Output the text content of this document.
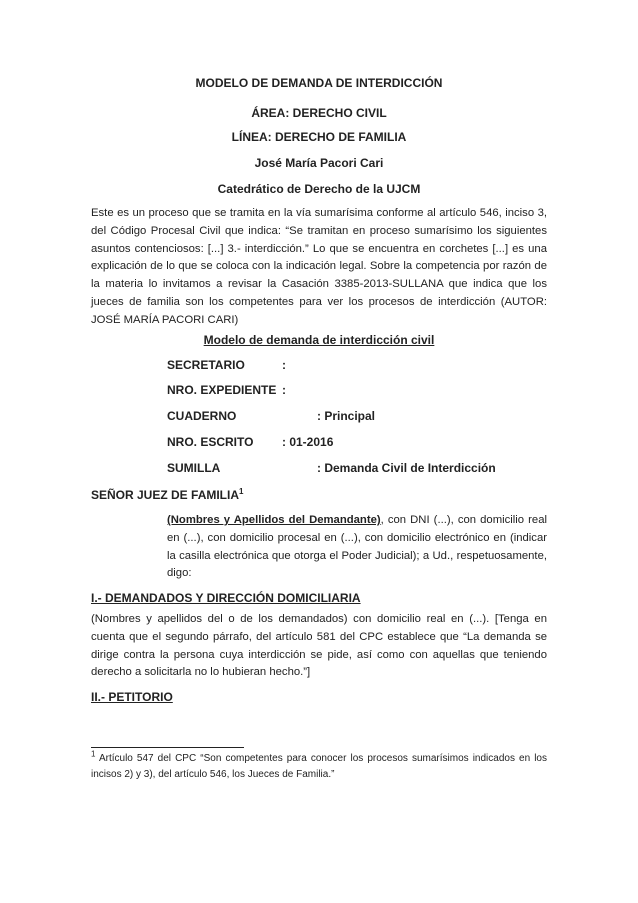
MODELO DE DEMANDA DE INTERDICCIÓN
ÁREA: DERECHO CIVIL
LÍNEA: DERECHO DE FAMILIA
José María Pacori Cari
Catedrático de Derecho de la UJCM
Este es un proceso que se tramita en la vía sumarísima conforme al artículo 546, inciso 3, del Código Procesal Civil que indica: “Se tramitan en proceso sumarísimo los siguientes asuntos contenciosos: [...] 3.- interdicción.” Lo que se encuentra en corchetes [...] es una explicación de lo que se coloca con la indicación legal. Sobre la competencia por razón de la materia lo invitamos a revisar la Casación 3385-2013-SULLANA que indica que los jueces de familia son los competentes para ver los procesos de interdicción (AUTOR: JOSÉ MARÍA PACORI CARI)
Modelo de demanda de interdicción civil
SECRETARIO	:
NRO. EXPEDIENTE :
CUADERNO	: Principal
NRO. ESCRITO : 01-2016
SUMILLA	: Demanda Civil de Interdicción
SEÑOR JUEZ DE FAMILIA$^1$
(Nombres y Apellidos del Demandante), con DNI (...), con domicilio real en (...), con domicilio procesal en (...), con domicilio electrónico en (indicar la casilla electrónica que otorga el Poder Judicial); a Ud., respetuosamente, digo:
I.- DEMANDADOS Y DIRECCIÓN DOMICILIARIA
(Nombres y apellidos del o de los demandados) con domicilio real en (...). [Tenga en cuenta que el segundo párrafo, del artículo 581 del CPC establece que “La demanda se dirige contra la persona cuya interdicción se pide, así como con aquellas que teniendo derecho a solicitarla no lo hubieran hecho.”]
II.- PETITORIO
$^1$ Artículo 547 del CPC “Son competentes para conocer los procesos sumarísimos indicados en los incisos 2) y 3), del artículo 546, los Jueces de Familia.”
